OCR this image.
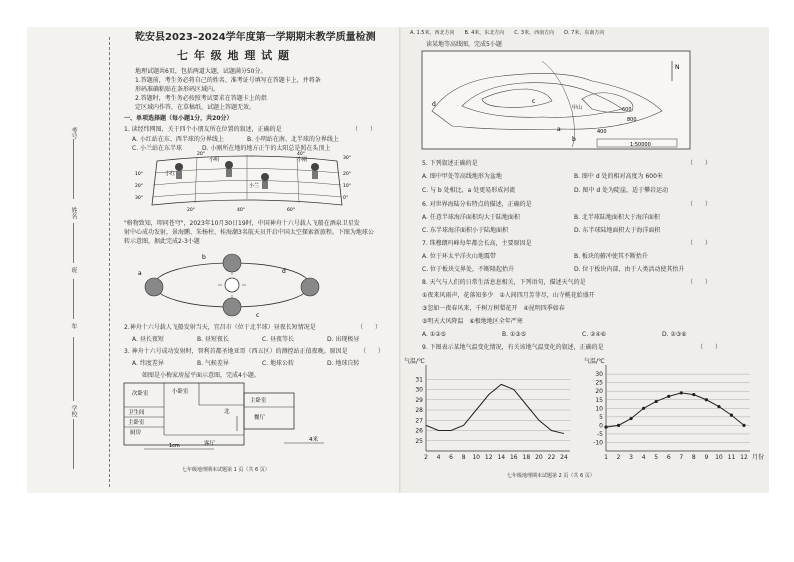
考号
姓名
班
年
学校
乾安县2023–2024学年度第一学期期末教学质量检测
七 年 级 地 理 试 题
地理试题共6页，包括两道大题，试题满分50分。
1.答题前，考生务必将自己的姓名、准考证号填写在答题卡上，并将条
形码准确粘贴在条形码区域内。
2.答题时，考生务必按照考试要求在答题卡上的指
定区域内作答，在草稿纸、试题上答题无效。
一、单项选择题（每小题1分，共20分）
1. 读经纬网图，关于四个小朋友所在位置的叙述，正确的是	（　　）
A. 小红站在东、西半球的分界线上	B. 小明站在南、北半球的分界线上
C. 小兰站在东半球	D. 小刚所在地的地方正午的太阳总是照在头顶上
小红
小明
小兰
小刚	30°
20°
10°
0°
10°
20°
30°
20°	40°	60°
20°	40°
"格物致知，叩问苍穹"，2023年10月30日19时，中国神舟十六号载人飞船在酒泉卫星发
射中心成功发射，景海鹏、朱杨柱、桂海潮3名航天员开启中国太空探索新旅程。下图为地球公
转示意图，据此完成2-3小题
a
b
d
c
2.神舟十六号载人飞船发射当天，宜昌市（位于北半球）昼夜长短情况是	（　　）
A. 昼长夜短	B. 昼短夜长	C. 昼夜等长	D. 出现极昼
3. 神舟十六号成功发射时，智利首都圣地亚哥（西五区）的测控站正值夜晚。原因是 （　　）
A. 纬度差异	B. 气候差异	C. 地球公转	D. 地球自转
如图是小梅家房屋平面示意图，完成4小题。
次卧室	小卧室
主卧室
卫生间
主卧室
厨房
餐厅
客厅
北
1cm
4米
七年级地理期末试题第 1 页（共 6 页）
A. 1.5米，西北方向　　B. 4米，东北方向　　C. 3米，西南方向　　D. 7米，东南方向
读某地等高线图，完成5小题
N
d	c
甲山
a
b
600
800
400
1:50000
5. 下列叙述正确的是	（　　）
A. 图中甲处等高线地形为盆地	B. 图中 d 处的相对高度为 600米
C. 与 b 处相比，a 处更易形成河流	D. 图中 d 处为陡崖，适于攀岩运动
6. 对世界海陆分布特点的描述，正确的是	（　　）
A. 任意半球海洋面积均大于陆地面积	B. 北半球陆地面积大于海洋面积
C. 东半球海洋面积小于陆地面积	D. 东半球陆地面积大于海洋面积
7. 珠穆朗玛峰每年都会长高，主要原因是	（　　）
A. 位于环太平洋火山地震带	B. 板块的俯冲使其不断抬升
C. 位于板块交界处，不断隆起抬升	D. 位于板块内部，由于人类活动使其抬升
8. 天气与人们的日常生活息息相关，下列语句，描述天气的是	（　　）
①夜来风雨声，花落知多少　②人间四月芳菲尽，山寺桃花始盛开
③忽如一夜春风来，千树万树梨花开　④昆明四季如春
⑤明天大风降温　⑥极地地区全年严寒
A. ①②⑤	B. ①③⑤	C. ②④⑥	D. ②③⑥
9. 下图表示某地气温变化情况，有关该地气温变化的叙述，正确的是	（　　）
25
26
27
28
29
30
31
2 4 6 8 10 12 14 16 18 20 22 24
气温/℃
-10
-5
0
5
10
15
20
25
30
1 2 3 4 5 6 7 8 9 10 11 12
气温/℃
月份
七年级地理期末试题第 2 页（共 6 页）
